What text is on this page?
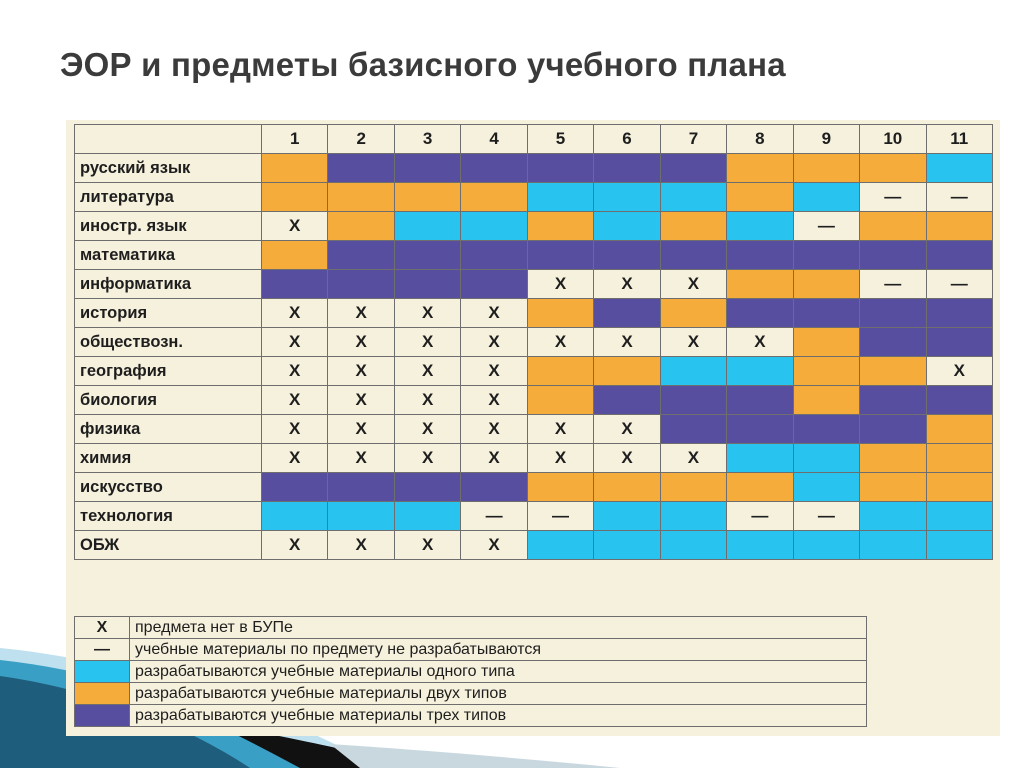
ЭОР и предметы базисного учебного плана
	1	2	3	4	5	6	7	8	9	10	11
русский язык											
литература										—	—
иностр. язык	X								—		
математика											
информатика					X	X	X			—	—
история	X	X	X	X							
обществозн.	X	X	X	X	X	X	X	X			
география	X	X	X	X							X
биология	X	X	X	X							
физика	X	X	X	X	X	X					
химия	X	X	X	X	X	X	X				
искусство											
технология				—	—			—	—		
ОБЖ	X	X	X	X							
X	предмета нет в БУПе
—	учебные материалы по предмету не разрабатываются
	разрабатываются учебные материалы одного типа
	разрабатываются учебные материалы двух типов
	разрабатываются учебные материалы трех типов
